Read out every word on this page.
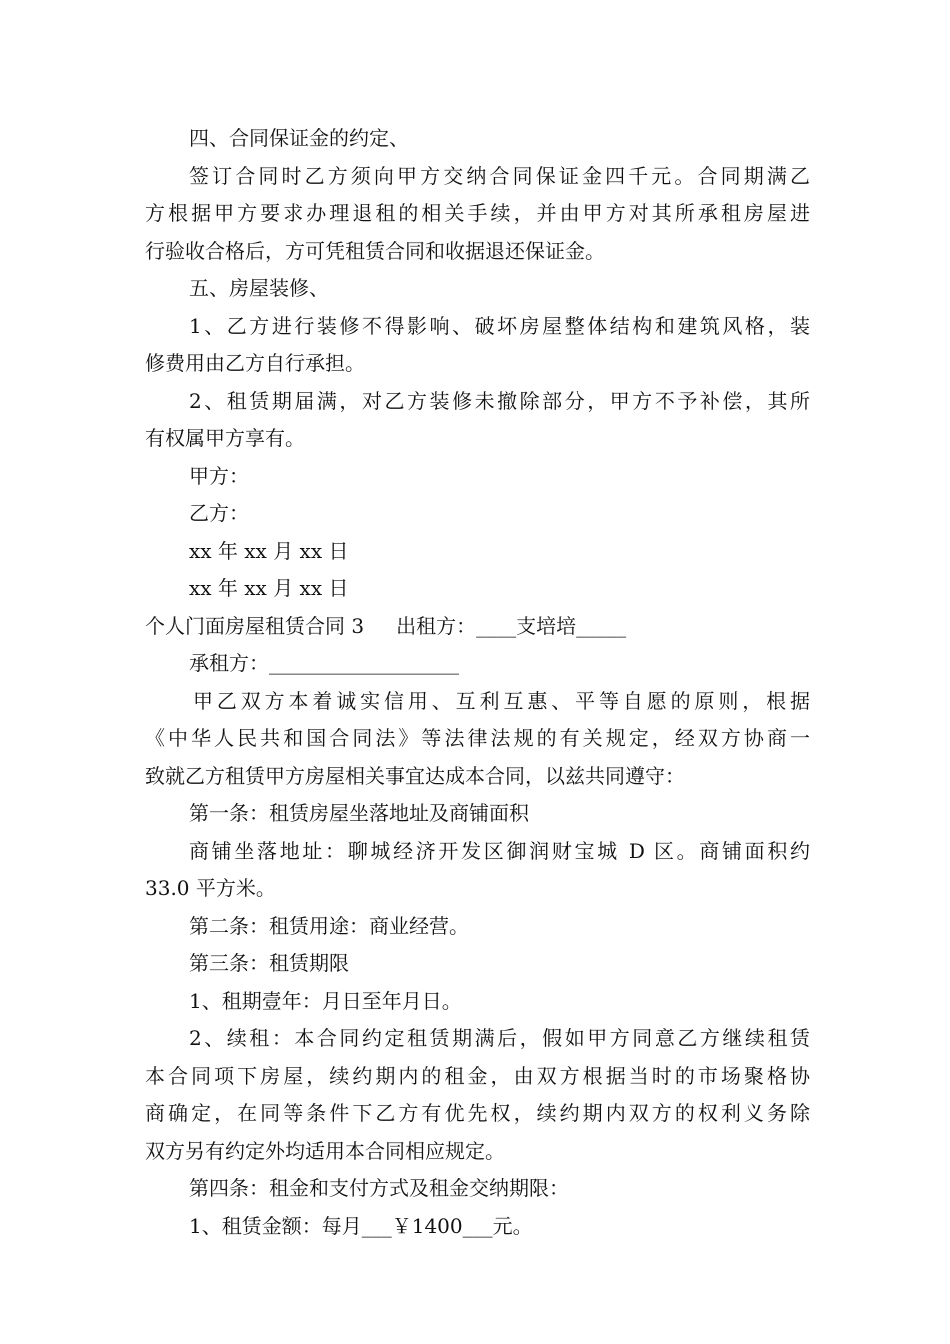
四、合同保证金的约定、
签订合同时乙方须向甲方交纳合同保证金四千元。合同期满乙
方根据甲方要求办理退租的相关手续，并由甲方对其所承租房屋进
行验收合格后，方可凭租赁合同和收据退还保证金。
五、房屋装修、
1、乙方进行装修不得影响、破坏房屋整体结构和建筑风格，装
修费用由乙方自行承担。
2、租赁期届满，对乙方装修未撤除部分，甲方不予补偿，其所
有权属甲方享有。
甲方：
乙方：
xx 年 xx 月 xx 日
xx 年 xx 月 xx 日
个人门面房屋租赁合同 3 出租方：____支培培_____
承租方：___________________
甲乙双方本着诚实信用、互利互惠、平等自愿的原则，根据
《中华人民共和国合同法》等法律法规的有关规定，经双方协商一
致就乙方租赁甲方房屋相关事宜达成本合同，以兹共同遵守：
第一条：租赁房屋坐落地址及商铺面积
商铺坐落地址：聊城经济开发区御润财宝城 D 区。商铺面积约
33.0 平方米。
第二条：租赁用途：商业经营。
第三条：租赁期限
1、租期壹年：月日至年月日。
2、续租：本合同约定租赁期满后，假如甲方同意乙方继续租赁
本合同项下房屋，续约期内的租金，由双方根据当时的市场聚格协
商确定，在同等条件下乙方有优先权，续约期内双方的权利义务除
双方另有约定外均适用本合同相应规定。
第四条：租金和支付方式及租金交纳期限：
1、租赁金额：每月___￥1400___元。
